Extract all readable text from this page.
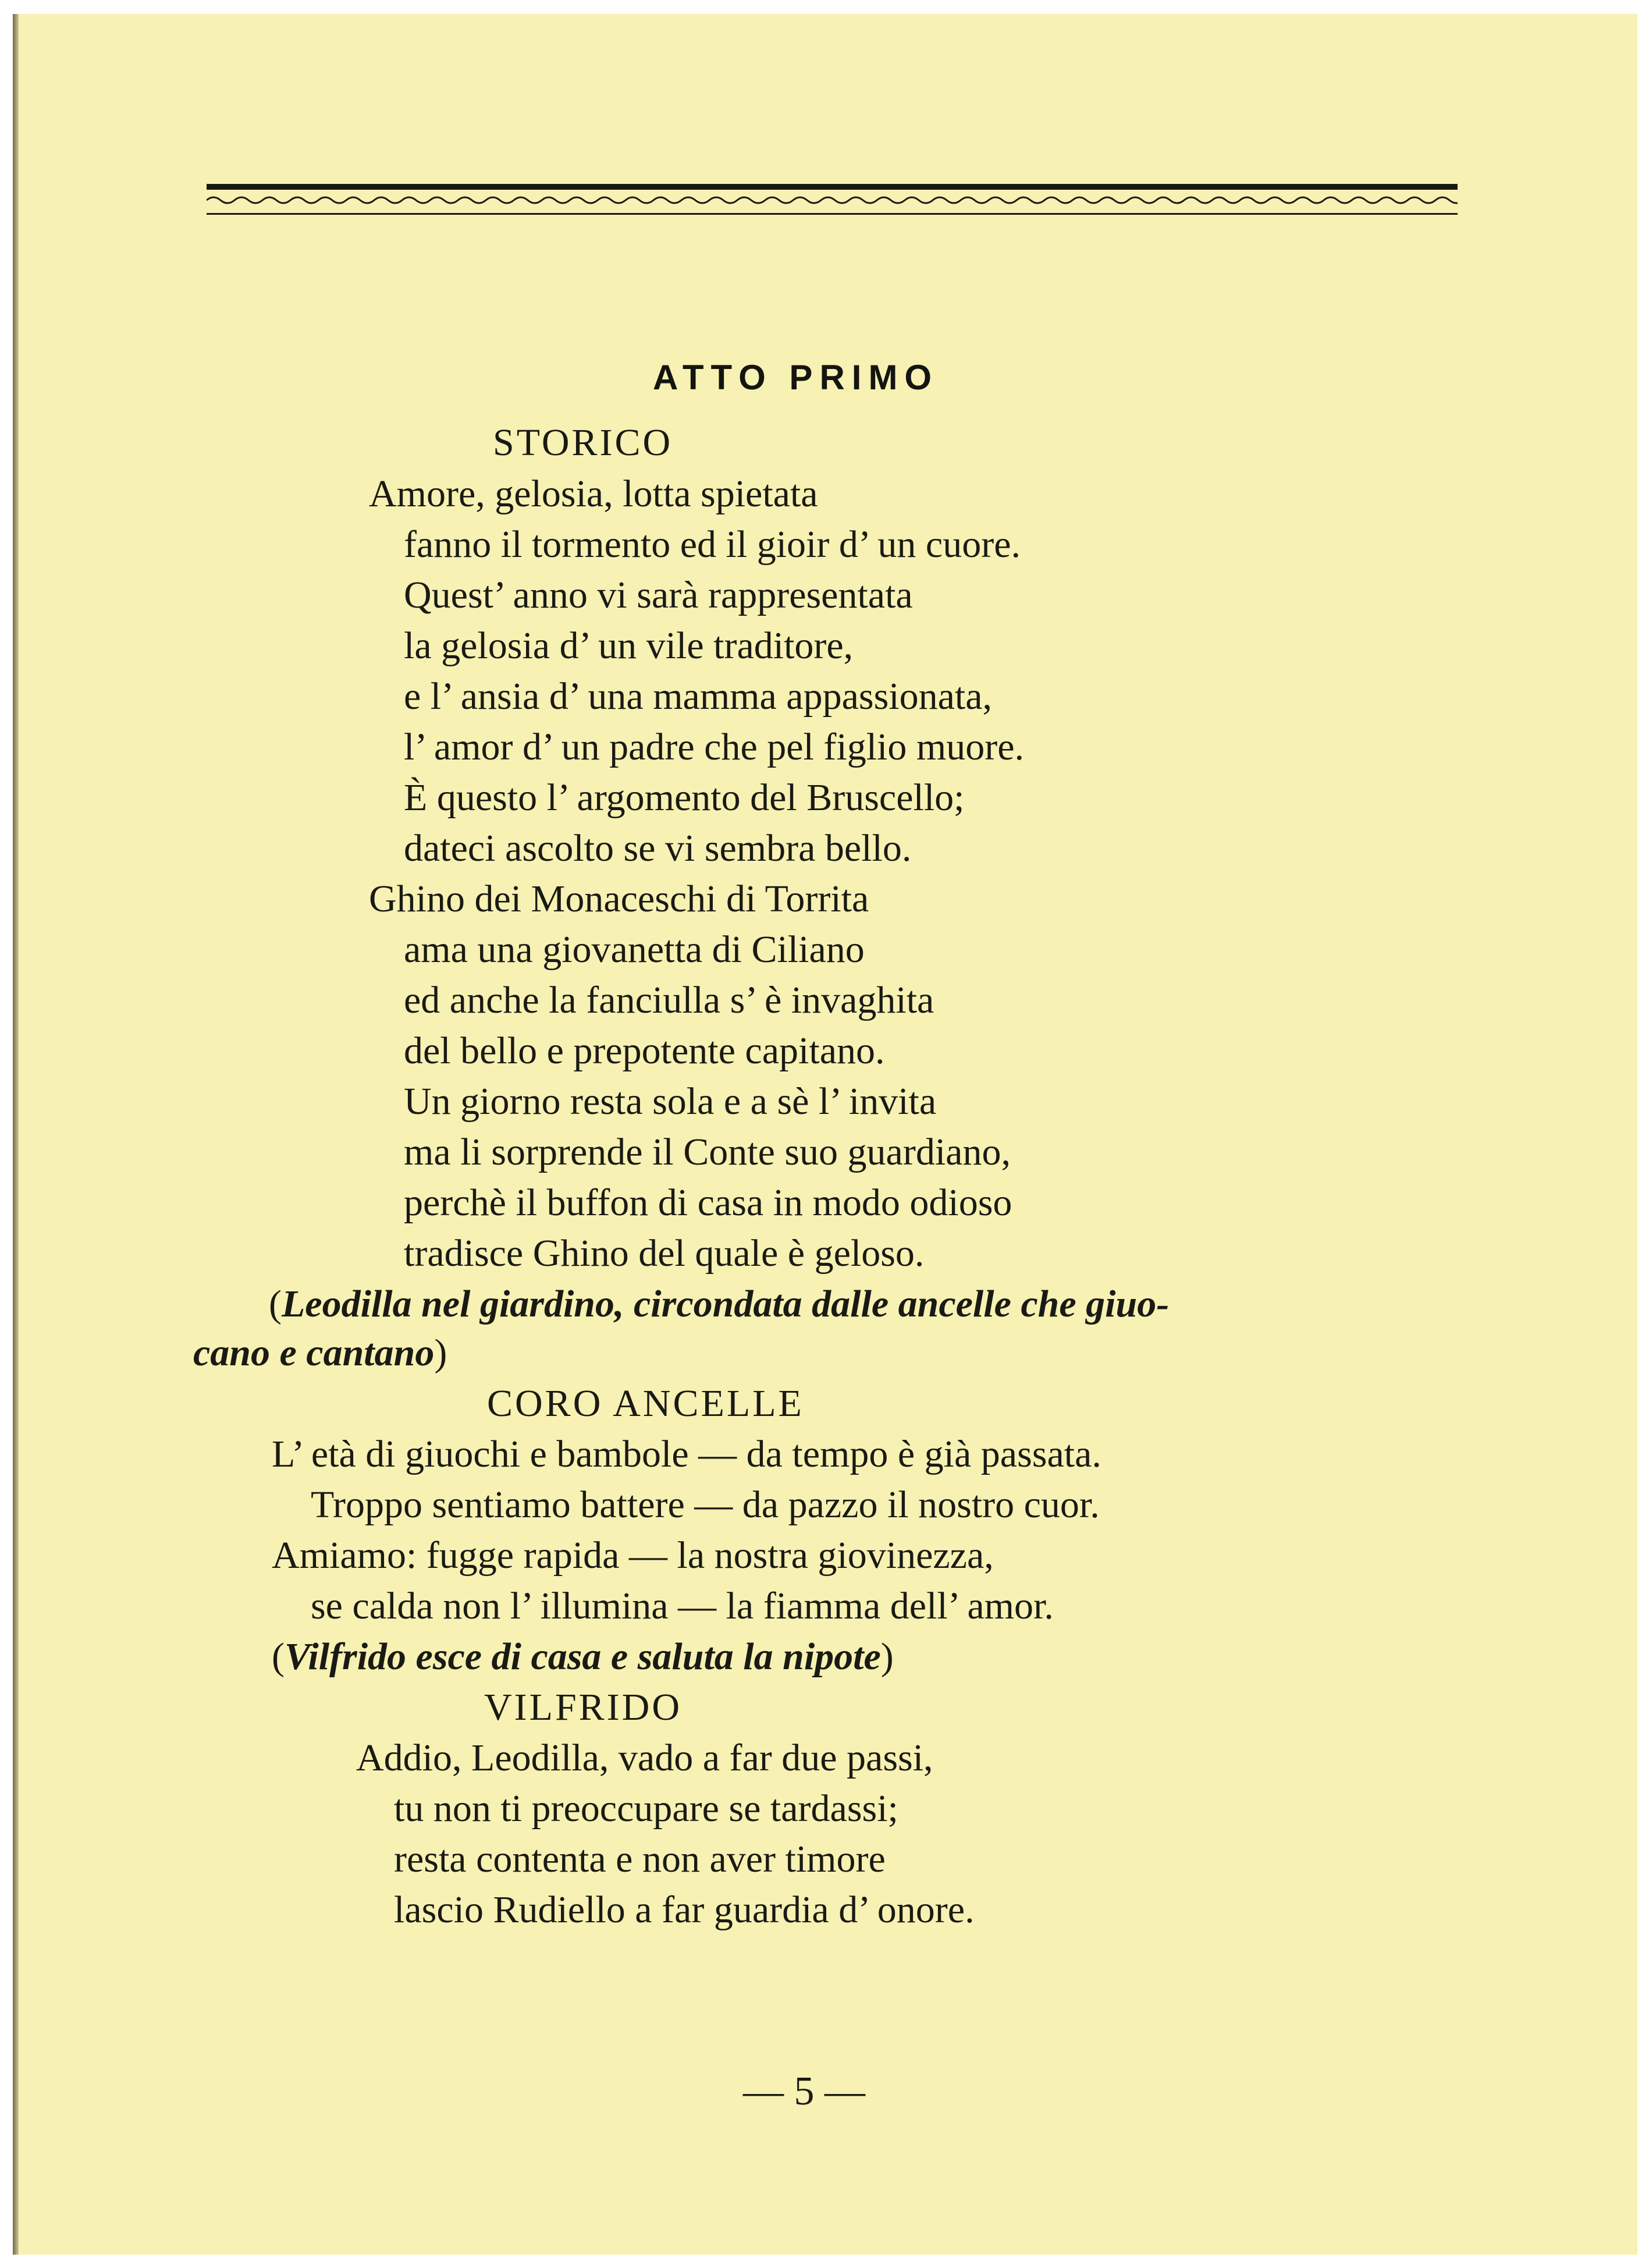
ATTO PRIMO
STORICO
Amore, gelosia, lotta spietata
fanno il tormento ed il gioir d’ un cuore.
Quest’ anno vi sarà rappresentata
la gelosia d’ un vile traditore,
e l’ ansia d’ una mamma appassionata,
l’ amor d’ un padre che pel figlio muore.
È questo l’ argomento del Bruscello;
dateci ascolto se vi sembra bello.
Ghino dei Monaceschi di Torrita
ama una giovanetta di Ciliano
ed anche la fanciulla s’ è invaghita
del bello e prepotente capitano.
Un giorno resta sola e a sè l’ invita
ma li sorprende il Conte suo guardiano,
perchè il buffon di casa in modo odioso
tradisce Ghino del quale è geloso.
(Leodilla nel giardino, circondata dalle ancelle che giuo-
cano e cantano)
CORO ANCELLE
L’ età di giuochi e bambole — da tempo è già passata.
Troppo sentiamo battere — da pazzo il nostro cuor.
Amiamo: fugge rapida — la nostra giovinezza,
se calda non l’ illumina — la fiamma dell’ amor.
(Vilfrido esce di casa e saluta la nipote)
VILFRIDO
Addio, Leodilla, vado a far due passi,
tu non ti preoccupare se tardassi;
resta contenta e non aver timore
lascio Rudiello a far guardia d’ onore.
— 5 —
